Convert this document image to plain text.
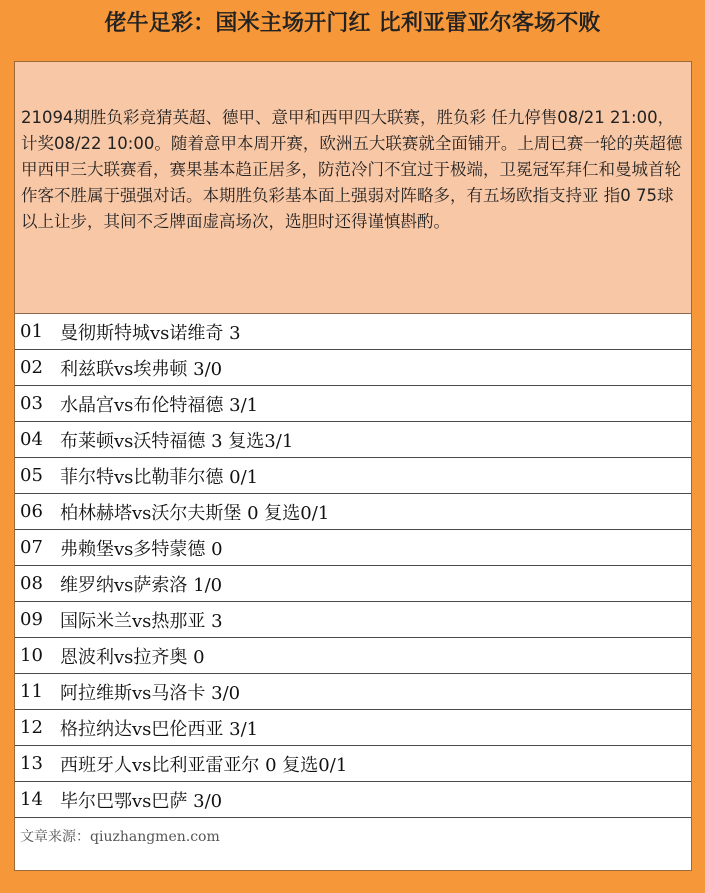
佬牛足彩：国米主场开门红 比利亚雷亚尔客场不败
21094期胜负彩竞猜英超、德甲、意甲和西甲四大联赛，胜负彩 任九停售08/21 21:00，计奖08/22 10:00。随着意甲本周开赛，欧洲五大联赛就全面铺开。上周已赛一轮的英超德甲西甲三大联赛看，赛果基本趋正居多，防范冷门不宜过于极端，卫冕冠军拜仁和曼城首轮作客不胜属于强强对话。本期胜负彩基本面上强弱对阵略多，有五场欧指支持亚 指0 75球以上让步，其间不乏牌面虚高场次，选胆时还得谨慎斟酌。
01 曼彻斯特城vs诺维奇 3
02 利兹联vs埃弗顿 3/0
03 水晶宫vs布伦特福德 3/1
04 布莱顿vs沃特福德 3 复选3/1
05 菲尔特vs比勒菲尔德 0/1
06 柏林赫塔vs沃尔夫斯堡 0 复选0/1
07 弗赖堡vs多特蒙德 0
08 维罗纳vs萨索洛 1/0
09 国际米兰vs热那亚 3
10 恩波利vs拉齐奥 0
11 阿拉维斯vs马洛卡 3/0
12 格拉纳达vs巴伦西亚 3/1
13 西班牙人vs比利亚雷亚尔 0 复选0/1
14 毕尔巴鄂vs巴萨 3/0
文章来源：qiuzhangmen.com
